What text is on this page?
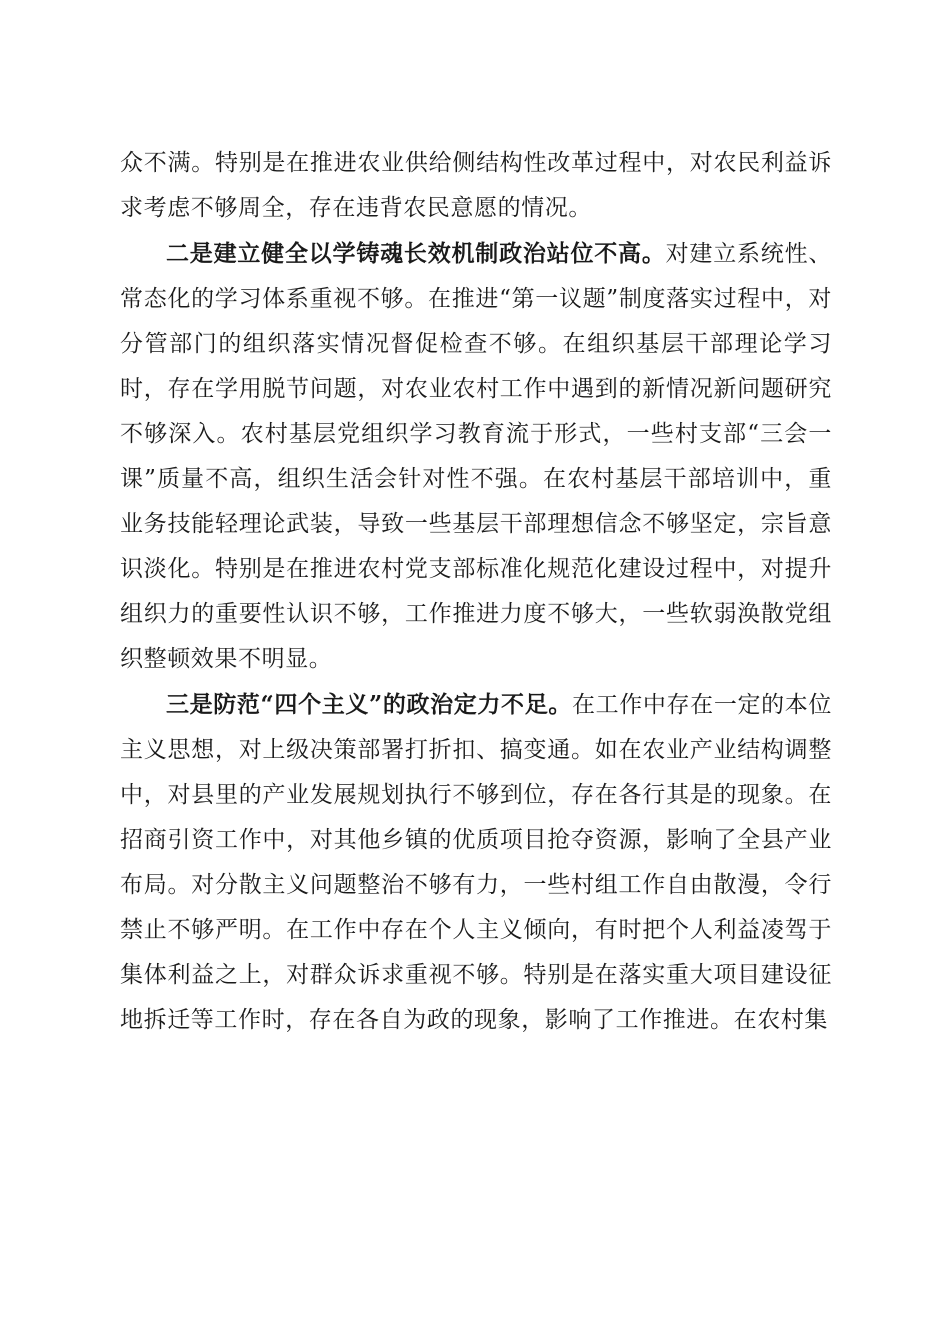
众不满。特别是在推进农业供给侧结构性改革过程中，对农民利益诉求考虑不够周全，存在违背农民意愿的情况。

二是建立健全以学铸魂长效机制政治站位不高。对建立系统性、常态化的学习体系重视不够。在推进“第一议题”制度落实过程中，对分管部门的组织落实情况督促检查不够。在组织基层干部理论学习时，存在学用脱节问题，对农业农村工作中遇到的新情况新问题研究不够深入。农村基层党组织学习教育流于形式，一些村支部“三会一课”质量不高，组织生活会针对性不强。在农村基层干部培训中，重业务技能轻理论武装，导致一些基层干部理想信念不够坚定，宗旨意识淡化。特别是在推进农村党支部标准化规范化建设过程中，对提升组织力的重要性认识不够，工作推进力度不够大，一些软弱涣散党组织整顿效果不明显。

三是防范“四个主义”的政治定力不足。在工作中存在一定的本位主义思想，对上级决策部署打折扣、搞变通。如在农业产业结构调整中，对县里的产业发展规划执行不够到位，存在各行其是的现象。在招商引资工作中，对其他乡镇的优质项目抢夺资源，影响了全县产业布局。对分散主义问题整治不够有力，一些村组工作自由散漫，令行禁止不够严明。在工作中存在个人主义倾向，有时把个人利益凌驾于集体利益之上，对群众诉求重视不够。特别是在落实重大项目建设征地拆迁等工作时，存在各自为政的现象，影响了工作推进。在农村集
